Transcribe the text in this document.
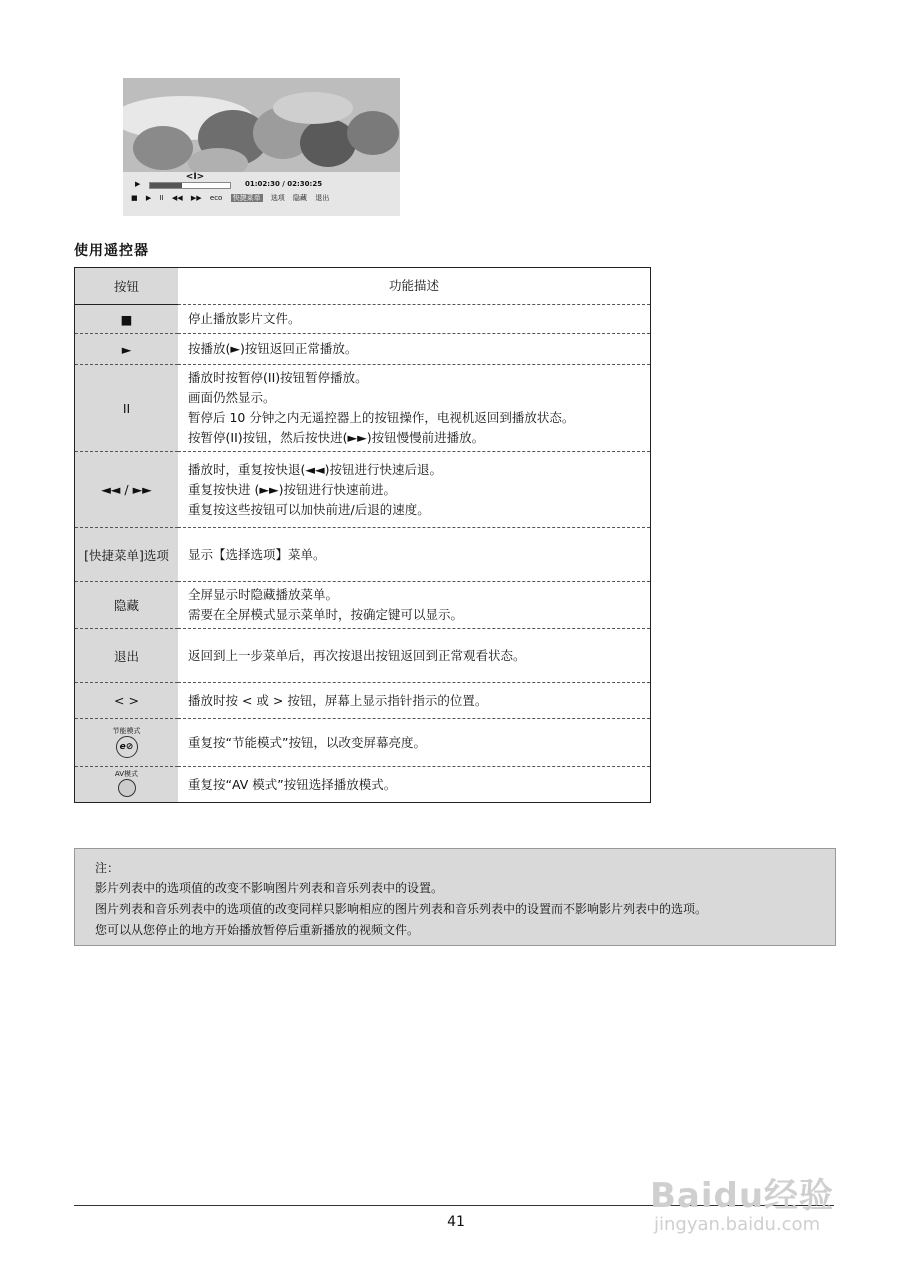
<I>
▶	01:02:30 / 02:30:25
■ ▶ II ◀◀ ▶▶ eco 快捷菜单 选项 隐藏 退出
使用遥控器
按钮	功能描述
■	停止播放影片文件。

►	按播放(►)按钮返回正常播放。

II	播放时按暂停(II)按钮暂停播放。
画面仍然显示。
暂停后 10 分钟之内无遥控器上的按钮操作，电视机返回到播放状态。
按暂停(II)按钮，然后按快进(►►)按钮慢慢前进播放。

◄◄ / ►►	播放时，重复按快退(◄◄)按钮进行快速后退。
重复按快进 (►►)按钮进行快速前进。
重复按这些按钮可以加快前进/后退的速度。

[快捷菜单]选项	显示【选择选项】菜单。

隐藏	全屏显示时隐藏播放菜单。
需要在全屏模式显示菜单时，按确定键可以显示。

退出	返回到上一步菜单后，再次按退出按钮返回到正常观看状态。

< >	播放时按 < 或 > 按钮，屏幕上显示指针指示的位置。

节能模式
e⊘	重复按“节能模式”按钮，以改变屏幕亮度。

AV模式	重复按“AV 模式”按钮选择播放模式。
注：

影片列表中的选项值的改变不影响图片列表和音乐列表中的设置。

图片列表和音乐列表中的选项值的改变同样只影响相应的图片列表和音乐列表中的设置而不影响影片列表中的选项。

您可以从您停止的地方开始播放暂停后重新播放的视频文件。

41
Baidu经验
jingyan.baidu.com
